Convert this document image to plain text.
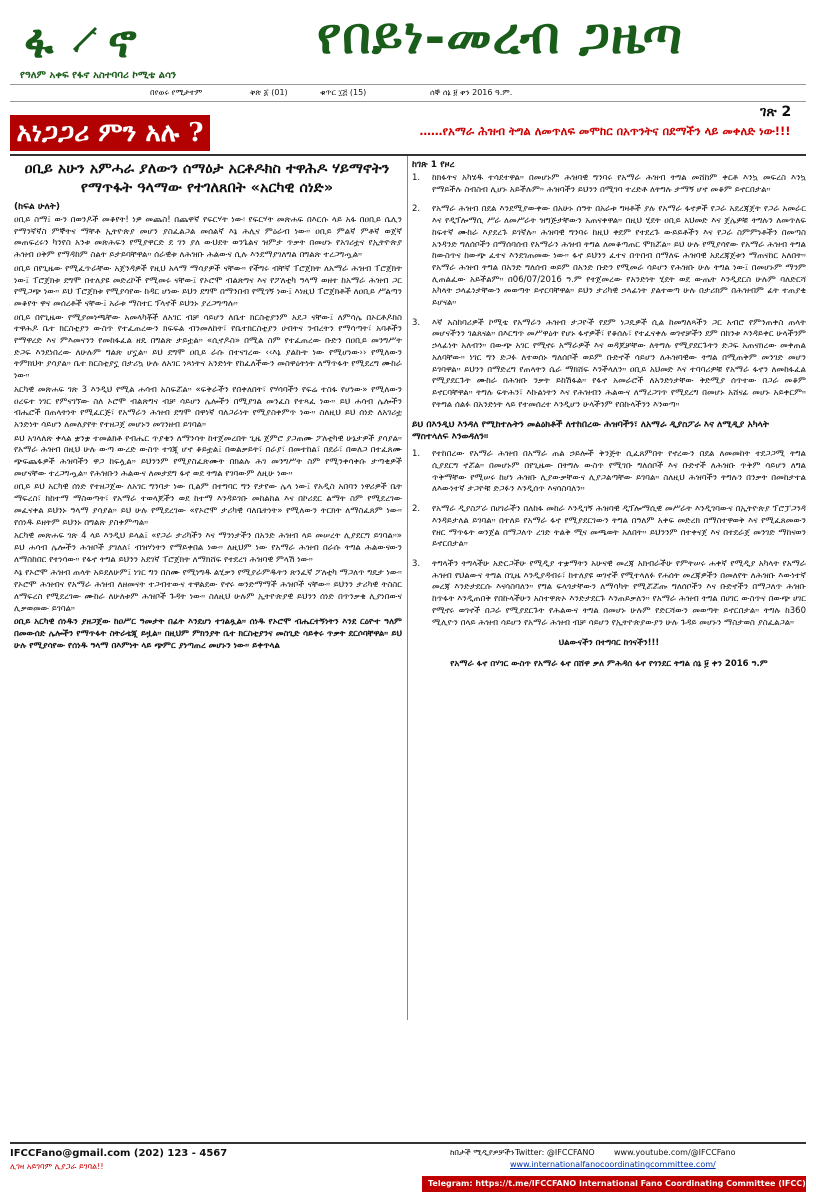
ፋ ኖ	የበይነ-መረብ ጋዜጣ
የዓለም አቀፍ የፋኖ አስተባባሪ ኮሚቴ ልሳን
በየወሩ የሚታተም	ቅጽ ፩ (01)	ቁጥር ፲፭ (15)	ሰኞ ሰኔ ፱ ቀን 2016 ዓ.ም.
ገጽ 2
አነጋጋሪ ምን አሉ ?	……የአማራ ሕዝብ ትግል ለመጥለፍ መሞከር በአጥንትና በደማችን ላይ መቀለድ ነው!!!
ዐቢይ አሁን አምሓራ ያለውን ሰማዕታ አርቶዶክስ ተዋሕዶ ሃይማኖትን የማጥፋት ዓላማው የተገለጸበት «አርካዊ ሰነድ»
(ከፍል ሁለት)

ዐቢይ ስማ፤ ውን በወንዶች መቆየት! ነዎ መጨስ! በጨዋኛ የፍርሃት ነው፡ የፍርሃት መጽሐፍ በእርሱ ላይ አፋ በዐቢይ ሴሊን የማንኛኛስ ምኞትና ማቸቶ ኢትዮጵያ መሆን ያስፈልጋል መሰልኛ እኔ ሕሊና ምዕራብ ነው። ዐቢይ ምልኛ ምቶኛ ወጀኛ መጠፍረሩን ካንየስ አንቱ መጽሕፍን የሚያዋርድ ደ ገን ያለ ውህደት ወንጌልና ዝምታ ጥቃት በመሆኑ የአገሪቷና የኢትዮጵያ ሕዝብ ዐቅም የማዳከም ስልት ይታይባቸዋል። ሰራዊቱ ለሕዝቡ ሕልውና ሲሉ እንደማያገለግል በግልጽ ተረጋግጧል።

ዐቢይ በየጊዜው የሚፈጥራቸው አጀንዳዎች የዚህ አላማ ማሳያዎች ናቸው። የችግሩ ብቸኛ ፐሮጀክት ለአማራ ሕዝብ ፐሮጀክት ነው፤ ፐሮጀክቱ ደግሞ በተለያዩ መድረኮች የሚመሩ ናቸው፤ የኦሮሞ ብልጽግና እና የፖለቲካ ዓላማ ወዘተ ከአማራ ሕዝብ ጋር የሚጋጭ ነው። ይህ ፐሮጀክቱ የሚያሳየው ከዳር ሆነው ይህን ደግሞ በማንበብ የሚገኝ ነው፤ እነዚህ ፐሮጀክቶች ለዐቢይ ሥልጣን መቆየት ዋና መሰረቶች ናቸው፤ አራቱ ማስተር ፕላኖች ይህንኑ ያረጋግጣሉ።

ዐቢይ በየጊዜው የሚያመነጫቸው አመላካቾች ለአገር ብቻ ሳይሆን ለቤተ ክርስቲያንም አደጋ ናቸው፤ ለምሳሌ በኦርቶዶክስ ተዋሕዶ ቤተ ክርስቲያን ውስጥ የተፈጠረውን ክፍፍል ብንመለከት፣ የቤተክርስቲያን ሀብትና ንብረትን የማሳጣት፣ አባቶችን የማዋረድ እና ምእመናንን የመከፋፈል ዘዴ በግልጽ ታይቷል። «ሲኖዶስ» በሚል ስም የተፈጠረው ቡድን በዐቢይ መንግሥት ድጋፍ እንደነበረው ለሁሉም ግልጽ ሆኗል። ይህ ደግሞ ዐቢይ ራሱ በተናገረው ‹‹እኔ ያልኩት ነው የሚሆነው›› የሚለውን ትምክህት ያሳያል። ቤተ ክርስቲያኗ በታሪኳ ሁሉ ለአገር ነጻነትና አንድነት የከፈለችውን መስዋዕትነት ለማጥፋት የሚደረግ ሙከራ ነው።

አርካዊ መጽሐፍ ገጽ 3 እንዲህ የሚል ሐሳብ አስፍሯል። «ፍቅራችን የበቀለበት፣ የሃሳባችን የፍሬ ተስፋ የሆነው» የሚለውን ዐረፍተ ነገር የምናገኘው ስለ ኦሮሞ ብልጽግና ብቻ ሳይሆን ሌሎችን በሚያገል መንፈስ የተጻፈ ነው። ይህ ሐሳብ ሌሎችን ብሔሮች በጠላትነት የሚፈርጅ፣ የአማራን ሕዝብ ደግሞ በዋነኛ ባለጋራነት የሚያስቀምጥ ነው። ስለዚህ ይህ ሰነድ ለአገሪቷ አንድነት ሳይሆን ለመለያየት የተዘጋጀ መሆኑን መገንዘብ ይገባል።

ይህ አገላለጽ ቀላል ቋንቋ ተመልክቶ የብሔር ጥያቄን ለማንሳት ከተጀመረበት ጊዜ ጀምሮ ያጋጠሙ ፖለቲካዊ ሁኔታዎች ያሳያል። የአማራ ሕዝብ በዚህ ሁሉ ውጣ ውረድ ውስጥ ተጎጂ ሆኖ ቆይቷል፤ በወልቃይት፣ በራያ፣ በመተከል፣ በደራ፣ በወለጋ በተፈጸሙ ጭፍጨፋዎች ሕዝባችን ዋጋ ከፍሏል። ይህንንም የሚያስፈጽሙት በክልሉ ሕገ መንግሥት ስም የሚንቀሳቀሱ ታጣቂዎች መሆናቸው ተረጋግጧል። የሕዝቡን ሕልውና ለመታደግ ፋኖ ወደ ትግል የገባውም ለዚሁ ነው።

ዐቢይ ይህ አርካዊ ሰነድ የተዘጋጀው ለአገር ግንባታ ነው ቢልም በተግባር ግን የታየው ሌላ ነው፤ የአዲስ አበባን ነዋሪዎች ቤት ማፍረስ፣ ከከተማ ማስወጣት፣ የአማራ ተወላጆችን ወደ ከተማ እንዳይገቡ መከልከል እና በኮሪደር ልማት ስም የሚደረገው መፈናቀል ይህንኑ ዓላማ ያሳያል። ይህ ሁሉ የሚደረገው «የኦሮሞ ታሪካዊ ባለቤትነት» የሚለውን ትርክት ለማስፈጸም ነው። የሰነዱ ይዘትም ይህንኑ በግልጽ ያስቀምጣል።

አርካዊ መጽሐፍ ገጽ 4 ላይ እንዲህ ይላል፤ «የጋራ ታሪካችን እና ማንነታችን በአንድ ሕዝብ ላይ መሠረት ሊያደርግ ይገባል።» ይህ ሐሳብ ሌሎችን ሕዝቦች ያገለለ፣ ብዝሃነትን የማይቀበል ነው። ለዚህም ነው የአማራ ሕዝብ በራሱ ትግል ሕልውናውን ለማስከበር የተነሳው። የፋኖ ትግል ይህንን አደገኛ ፐሮጀክት ለማክሸፍ የተደረገ ሕዝባዊ ምላሽ ነው።

እኔ የኦሮሞ ሕዝብ ጠላት አይደለሁም፤ ነገር ግን በስሙ የሚነግዱ ልሂቃን የሚያራምዱትን ጽንፈኛ ፖለቲካ ማጋለጥ ግዴታ ነው። የኦሮሞ ሕዝብና የአማራ ሕዝብ ለዘመናት ተጋብተውና ተዋልደው የኖሩ ወንድማማች ሕዝቦች ናቸው። ይህንን ታሪካዊ ትስስር ለማፍረስ የሚደረገው ሙከራ ለሁለቱም ሕዝቦች ጉዳት ነው። ስለዚህ ሁሉም ኢትዮጵያዊ ይህንን ሰነድ በጥንቃቄ ሊያነበውና ሊቃወመው ይገባል።

ዐቢይ አርካዊ ሰነዱን ያዘጋጀው ከዐሥር ዓመታት በፊት እንደሆነ ተገልጿል። ሰነዱ የኦሮሞ ብሔርተኝነትን እንደ ርዕዮተ ዓለም በመውሰድ ሌሎችን የማጥፋት ስትራቴጂ ይዟል። በዚህም ምክንያት ቤተ ክርስቲያንና መስጊድ ሳይቀሩ ጥቃት ደርሶባቸዋል። ይህ ሁሉ የሚያሳየው የሰነዱ ዓላማ በእምነት ላይ ጭምር ያነጣጠረ መሆኑን ነው። ይቀጥላል

ከገጽ 1 የዞረ
1.	ከክፋትና አካሄዱ ተሳደተዋል። በመሆኑም ሕዝባዊ ግንባሩ የአማራ ሕዝብ ትግል መሸከም ቀርቶ እንኳ መፍረስ እንኳ የማይችሉ ስብስብ ሊሆኑ አይችሉም። ሕዝባችን ይህንን በሚገባ ተረድቶ ለትግሉ ታማኝ ሆኖ መቆም ይኖርበታል።
2.	የአማራ ሕዝብ በደል እንደሚያውቀው በአሁኑ ሰዓት በአራቱ ግዛቶች ያሉ የአማራ ፋኖዎች የጋራ አደረጃጀት የጋራ አመራር እና የዲፕሎማሲ ሥራ ለመሥራት ዝግጅታቸውን አጠናቀዋል። በዚህ ሂደት ዐቢይ አህመድ እና ጀሌዎቹ ትግሉን ለመጥለፍ ከፍተኛ ሙከራ እያደረጉ ይገኛሉ። ሕዝባዊ ግንባሩ ከዚህ ቀደም የተደረጉ ውይይቶችን እና የጋራ ስምምነቶችን በመጣስ አንዳንድ ግለሰቦችን በማሰባሰብ የአማራን ሕዝብ ትግል ለመቆጣጠር ሞክሯል። ይህ ሁሉ የሚያሳየው የአማራ ሕዝብ ትግል ከውስጥና ከውጭ ፈተና እንደገጠመው ነው። ፋኖ ይህንን ፈተና በጥበብ በማለፍ ሕዝባዊ አደረጃጀቱን ማጠናከር አለበት። የአማራ ሕዝብ ትግል በአንድ ግለሰብ ወይም በአንድ ቡድን የሚመራ ሳይሆን የሕዝቡ ሁሉ ትግል ነው፤ በመሆኑም ማንም ሊጠልፈው አይችልም። በ06/07/2016 ዓ.ም የተጀመረው የአንድነት ሂደት ወደ ውጤት እንዲደርስ ሁሉም ባለድርሻ አካላት ኃላፊነታቸውን መወጣት ይኖርባቸዋል። ይህን ታሪካዊ ኃላፊነት ያልተወጣ ሁሉ በታሪክም በሕዝብም ፊት ተጠያቂ ይሆናል።
3.	እኛ አስከባሪዎች ኮሚቴ የአማራን ሕዝብ ታጋዮች የደም ነጋዴዎች ሲል ከመግለጻችን ጋር አብሮ የምንጠቀስ ጠላት መሆናችንን ገልጸናል። በእርግጥ መሥዋዕት የሆኑ ፋኖዎች፣ የቆሰሉ፣ የተፈናቀሉ ወገኖቻችን ደም በከንቱ እንዳይቀር ሁላችንም ኃላፊነት አለብን። በውጭ አገር የሚኖሩ አማራዎች እና ወዳጆቻቸው ለትግሉ የሚያደርጉትን ድጋፍ አጠናክረው መቀጠል አለባቸው። ነገር ግን ድጋፉ ለተወሰኑ ግለሰቦች ወይም ቡድኖች ሳይሆን ለሕዝባዊው ትግል በሚጠቅም መንገድ መሆን ይገባዋል። ይህንን በማድረግ የጠላትን ሴራ ማክሸፍ እንችላለን። ዐቢይ አህመድ እና ተባባሪዎቹ የአማራ ፋኖን ለመከፋፈል የሚያደርጉት ሙከራ በሕዝቡ ንቃት ይከሽፋል። የፋኖ አመራሮች ለአንድነታቸው ቅድሚያ ሰጥተው በጋራ መቆም ይኖርባቸዋል። ትግሉ ፍትሕን፣ እኩልነትን እና የሕዝብን ሕልውና ለማረጋገጥ የሚደረግ በመሆኑ አሸናፊ መሆኑ አይቀርም። የትግል ሰልፉ በአንድነት ላይ የተመሰረተ እንዲሆን ሁላችንም የበኩላችንን እንወጣ።
ይህ በእንዲህ እንዳለ የሚከተሉትን መልዕክቶች ለተከበረው ሕዝባችን፣ ለአማራ ዲያስፖራ እና ለሚዲያ አካላት ማስተላለፍ እንወዳለን።
1.	የተከበረው የአማራ ሕዝብ በአማራ ጠል ኃይሎች ቅንጅት ሲፈጸምበት የኖረውን በደል ለመመከት ተደጋጋሚ ትግል ሲያደርግ ኖሯል። በመሆኑም በየጊዜው በትግሉ ውስጥ የሚገቡ ግለሰቦች እና ቡድኖች ለሕዝቡ ጥቅም ሳይሆን ለግል ጥቅማቸው የሚሠሩ ከሆነ ሕዝቡ ሊያውቃቸውና ሊያጋልጣቸው ይገባል። ስለዚህ ሕዝባችን ትግሉን በንቃት በመከታተል ለእውነተኛ ታጋዮቹ ድጋፉን እንዲሰጥ እናሳስባለን።
2.	የአማራ ዲያስፖራ በሀገራችን በለከፋ መከራ እንዲገኝ ሕዝባዊ ዲፕሎማሲዊ መሥራት እንዲገባውና በኢትዮጵያ ፕሮፓጋንዳ እንዳይታለል ይገባል። በተለይ የአማራ ፋኖ የሚያደርገውን ትግል በዓለም አቀፍ መድረክ በማስተዋወቅ እና የሚፈጸመውን የዘር ማጥፋት ወንጀል በማጋለጥ ረገድ ትልቅ ሚና መጫወት አለበት። ይህንንም በተቀናጀ እና በተደራጀ መንገድ ማከናወን ይኖርበታል።
3.	ትግላችን ትግላችሁ አድርጋችሁ የሚዲያ ተቋማትን አሁናዊ መረጃ አክብራችሁ የምትሠሩ ሐቀኛ የሚዲያ አካላት የአማራ ሕዝብ የህልውና ትግል በጊዜ እንዲያዳብሩ፣ ከተለያዩ ወገኖች የሚተላለፉ የሐሰት መረጃዎችን በመለየት ለሕዝቡ እውነተኛ መረጃ እንድታደርሱ እናሳስባለን። የግል ፍላጎታቸውን ለማሳካት የሚሯሯጡ ግለሰቦችን እና ቡድኖችን በማጋለጥ ሕዝቡ ከጥፋት እንዲጠበቅ የበኩላችሁን አስተዋጽኦ እንድታደርጉ እንጠይቃለን። የአማራ ሕዝብ ትግል በሀገር ውስጥና በውጭ ሀገር የሚኖሩ ወገኖች በጋራ የሚያደርጉት የሕልውና ትግል በመሆኑ ሁሉም የድርሻውን መወጣት ይኖርበታል። ትግሉ ከ360 ሚሊዮን በላይ ሕዝብ ሳይሆን የአማራ ሕዝብ ብቻ ሳይሆን የኢትዮጵያውያን ሁሉ ጉዳይ መሆኑን ማስታወስ ያስፈልጋል።
ህልውናችን በተግባር ከጎናችን!!!
የአማራ ፋኖ በሃገር ውስጥ የአማራ ፋኖ በሸዋ ቃለ ምሕዳሰ ፋኖ የጎንደር ትግል ሰኔ ፱ ቀን 2016 ዓ.ም
IFCCFano@gmail.com (202) 123 - 4567
ሊገዛ አይገባም ሊያጋራ ይገባል!!
ከበታች ሚዲያዎቻችን ፡
Twitter: @IFCCFANO www.youtube.com/@IFCCFano
www.internationalfanocoordinatingcommittee.com/
Telegram: https://t.me/IFCCFANO International Fano Coordinating Committee (IFCC)
